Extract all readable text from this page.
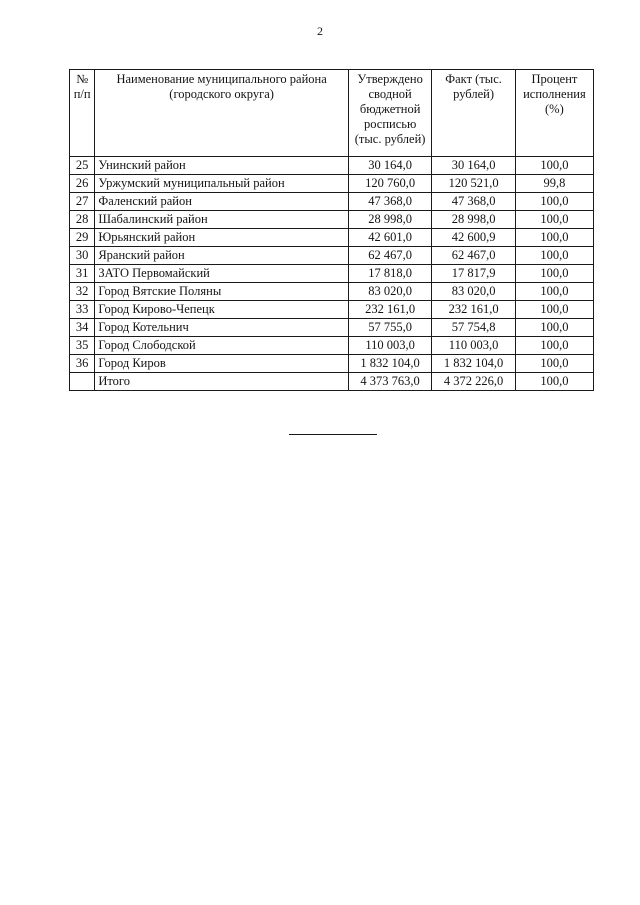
2
№ п/п	Наименование муниципального района (городского округа)	Утверждено сводной бюджетной росписью (тыс. рублей)	Факт (тыс. рублей)	Процент исполнения (%)
25	Унинский район	30 164,0	30 164,0	100,0
26	Уржумский муниципальный район	120 760,0	120 521,0	99,8
27	Фаленский район	47 368,0	47 368,0	100,0
28	Шабалинский район	28 998,0	28 998,0	100,0
29	Юрьянский район	42 601,0	42 600,9	100,0
30	Яранский район	62 467,0	62 467,0	100,0
31	ЗАТО Первомайский	17 818,0	17 817,9	100,0
32	Город Вятские Поляны	83 020,0	83 020,0	100,0
33	Город Кирово-Чепецк	232 161,0	232 161,0	100,0
34	Город Котельнич	57 755,0	57 754,8	100,0
35	Город Слободской	110 003,0	110 003,0	100,0
36	Город Киров	1 832 104,0	1 832 104,0	100,0
	Итого	4 373 763,0	4 372 226,0	100,0
